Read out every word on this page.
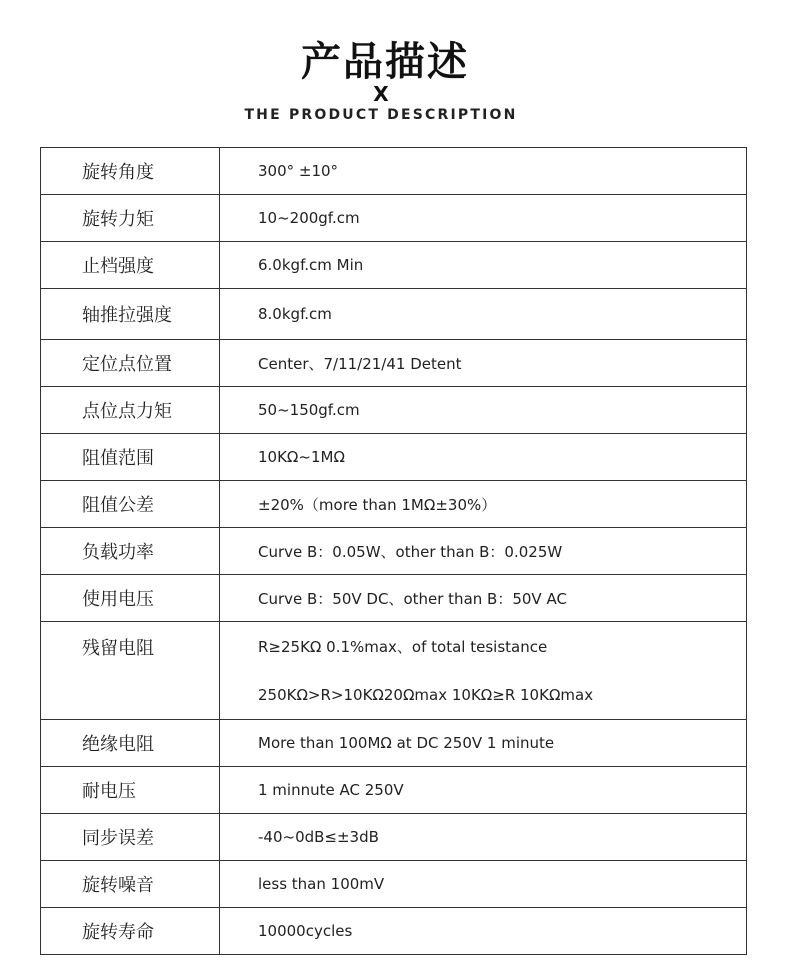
产品描述
X
THE PRODUCT DESCRIPTION
旋转角度	300° ±10°
旋转力矩	10~200gf.cm
止档强度	6.0kgf.cm Min
轴推拉强度	8.0kgf.cm
定位点位置	Center、7/11/21/41 Detent
点位点力矩	50~150gf.cm
阻值范围	10KΩ~1MΩ
阻值公差	±20%（more than 1MΩ±30%）
负载功率	Curve B：0.05W、other than B：0.025W
使用电压	Curve B：50V DC、other than B：50V AC
残留电阻	R≥25KΩ 0.1%max、of total tesistance
250KΩ>R>10KΩ20Ωmax 10KΩ≥R 10KΩmax

绝缘电阻	More than 100MΩ at DC 250V 1 minute
耐电压	1 minnute AC 250V
同步误差	-40~0dB≤±3dB
旋转噪音	less than 100mV
旋转寿命	10000cycles
